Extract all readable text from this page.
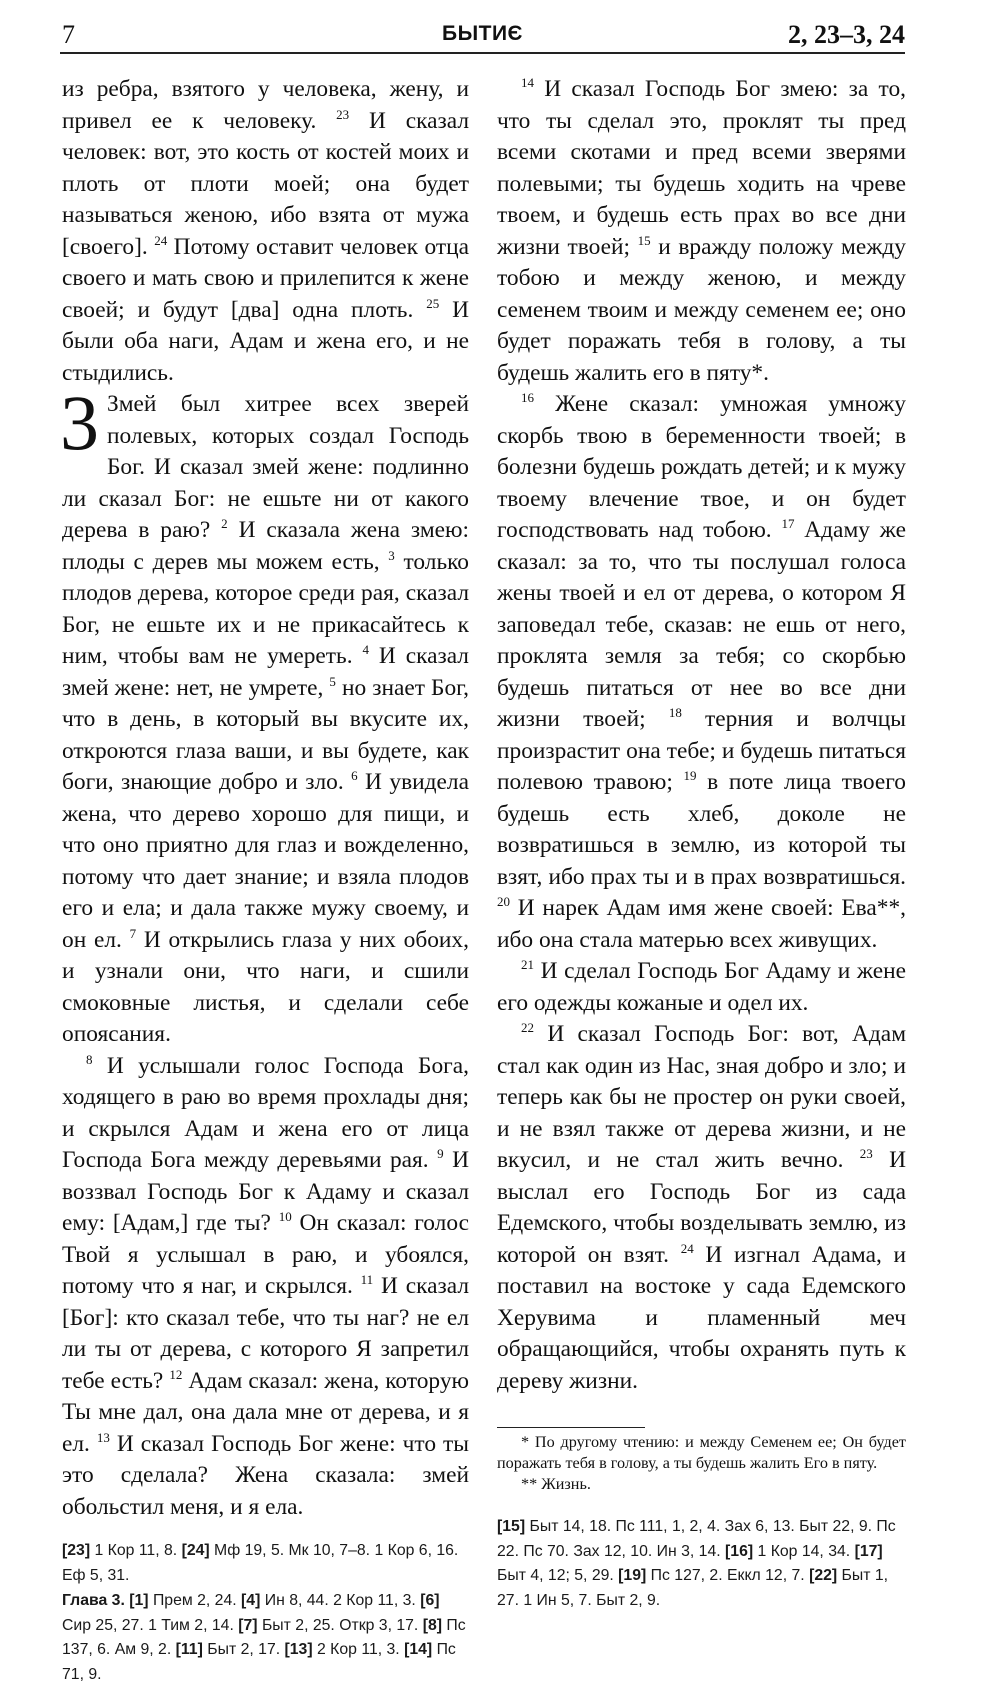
7	БЫТИЄ	2, 23–3, 24

из ребра, взятого у человека, жену, и привел ее к человеку. $^{23}$ И сказал человек: вот, это кость от костей моих и плоть от плоти моей; она будет называться женою, ибо взята от мужа [своего]. $^{24}$ Потому оставит человек отца своего и мать свою и прилепится к жене своей; и будут [два] одна плоть. $^{25}$ И были оба наги, Адам и жена его, и не стыдились.

3 Змей был хитрее всех зверей полевых, которых создал Господь Бог. И сказал змей жене: подлинно ли сказал Бог: не ешьте ни от какого дерева в раю? $^2$ И сказала жена змею: плоды с дерев мы можем есть, $^3$ только плодов дерева, которое среди рая, сказал Бог, не ешьте их и не прикасайтесь к ним, чтобы вам не умереть. $^4$ И сказал змей жене: нет, не умрете, $^5$ но знает Бог, что в день, в который вы вкусите их, откроются глаза ваши, и вы будете, как боги, знающие добро и зло. $^6$ И увидела жена, что дерево хорошо для пищи, и что оно приятно для глаз и вожделенно, потому что дает знание; и взяла плодов его и ела; и дала также мужу своему, и он ел. $^7$ И открылись глаза у них обоих, и узнали они, что наги, и сшили смоковные листья, и сделали себе опоясания.

$^8$ И услышали голос Господа Бога, ходящего в раю во время прохлады дня; и скрылся Адам и жена его от лица Господа Бога между деревьями рая. $^9$ И воззвал Господь Бог к Адаму и сказал ему: [Адам,] где ты? $^{10}$ Он сказал: голос Твой я услышал в раю, и убоялся, потому что я наг, и скрылся. $^{11}$ И сказал [Бог]: кто сказал тебе, что ты наг? не ел ли ты от дерева, с которого Я запретил тебе есть? $^{12}$ Адам сказал: жена, которую Ты мне дал, она дала мне от дерева, и я ел. $^{13}$ И сказал Господь Бог жене: что ты это сделала? Жена сказала: змей обольстил меня, и я ела.

[23] 1 Кор 11, 8. [24] Мф 19, 5. Мк 10, 7–8. 1 Кор 6, 16. Еф 5, 31.

Глава 3. [1] Прем 2, 24. [4] Ин 8, 44. 2 Кор 11, 3. [6] Сир 25, 27. 1 Тим 2, 14. [7] Быт 2, 25. Откр 3, 17. [8] Пс 137, 6. Ам 9, 2. [11] Быт 2, 17. [13] 2 Кор 11, 3. [14] Пс 71, 9.

$^{14}$ И сказал Господь Бог змею: за то, что ты сделал это, проклят ты пред всеми скотами и пред всеми зверями полевыми; ты будешь ходить на чреве твоем, и будешь есть прах во все дни жизни твоей; $^{15}$ и вражду положу между тобою и между женою, и между семенем твоим и между семенем ее; оно будет поражать тебя в голову, а ты будешь жалить его в пяту*.

$^{16}$ Жене сказал: умножая умножу скорбь твою в беременности твоей; в болезни будешь рождать детей; и к мужу твоему влечение твое, и он будет господствовать над тобою. $^{17}$ Адаму же сказал: за то, что ты послушал голоса жены твоей и ел от дерева, о котором Я заповедал тебе, сказав: не ешь от него, проклята земля за тебя; со скорбью будешь питаться от нее во все дни жизни твоей; $^{18}$ терния и волчцы произрастит она тебе; и будешь питаться полевою травою; $^{19}$ в поте лица твоего будешь есть хлеб, доколе не возвратишься в землю, из которой ты взят, ибо прах ты и в прах возвратишься. $^{20}$ И нарек Адам имя жене своей: Ева**, ибо она стала матерью всех живущих.

$^{21}$ И сделал Господь Бог Адаму и жене его одежды кожаные и одел их.

$^{22}$ И сказал Господь Бог: вот, Адам стал как один из Нас, зная добро и зло; и теперь как бы не простер он руки своей, и не взял также от дерева жизни, и не вкусил, и не стал жить вечно. $^{23}$ И выслал его Господь Бог из сада Едемского, чтобы возделывать землю, из которой он взят. $^{24}$ И изгнал Адама, и поставил на востоке у сада Едемского Херувима и пламенный меч обращающийся, чтобы охранять путь к дереву жизни.

* По другому чтению: и между Семенем ее; Он будет поражать тебя в голову, а ты будешь жалить Его в пяту.

** Жизнь.

[15] Быт 14, 18. Пс 111, 1, 2, 4. Зах 6, 13. Быт 22, 9. Пс 22. Пс 70. Зах 12, 10. Ин 3, 14. [16] 1 Кор 14, 34. [17] Быт 4, 12; 5, 29. [19] Пс 127, 2. Еккл 12, 7. [22] Быт 1, 27. 1 Ин 5, 7. Быт 2, 9.
